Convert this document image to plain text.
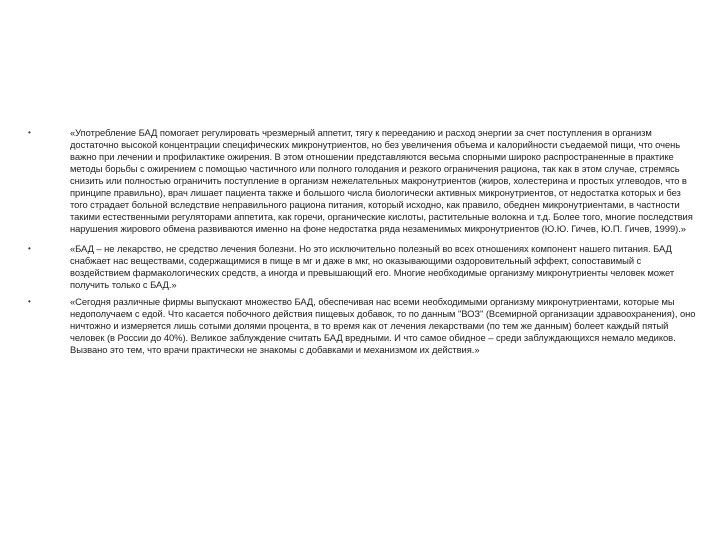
•	«Употребление БАД помогает регулировать чрезмерный аппетит, тягу к перееданию и расход энергии за счет поступления в организм достаточно высокой концентрации специфических микронутриентов, но без увеличения объема и калорийности съедаемой пищи, что очень важно при лечении и профилактике ожирения. В этом отношении представляются весьма спорными широко распространенные в практике методы борьбы с ожирением с помощью частичного или полного голодания и резкого ограничения рациона, так как в этом случае, стремясь снизить или полностью ограничить поступление в организм нежелательных макронутриентов (жиров, холестерина и простых углеводов, что в принципе правильно), врач лишает пациента также и большого числа биологически активных микронутриентов, от недостатка которых и без того страдает больной вследствие неправильного рациона питания, который исходно, как правило, обеднен микронутриентами, в частности такими естественными регуляторами аппетита, как горечи, органические кислоты, растительные волокна и т.д. Более того, многие последствия нарушения жирового обмена развиваются именно на фоне недостатка ряда незаменимых микронутриентов (Ю.Ю. Гичев, Ю.П. Гичев, 1999).»
•	«БАД – не лекарство, не средство лечения болезни. Но это исключительно полезный во всех отношениях компонент нашего питания. БАД снабжает нас веществами, содержащимися в пище в мг и даже в мкг, но оказывающими оздоровительный эффект, сопоставимый с воздействием фармакологических средств, а иногда и превышающий его. Многие необходимые организму микронутриенты человек может получить только с БАД.»
•	«Сегодня различные фирмы выпускают множество БАД, обеспечивая нас всеми необходимыми организму микронутриентами, которые мы недополучаем с едой. Что касается побочного действия пищевых добавок, то по данным "ВОЗ" (Всемирной организации здравоохранения), оно ничтожно и измеряется лишь сотыми долями процента, в то время как от лечения лекарствами (по тем же данным) болеет каждый пятый человек (в России до 40%). Великое заблуждение считать БАД вредными. И что самое обидное – среди заблуждающихся немало медиков. Вызвано это тем, что врачи практически не знакомы с добавками и механизмом их действия.»
